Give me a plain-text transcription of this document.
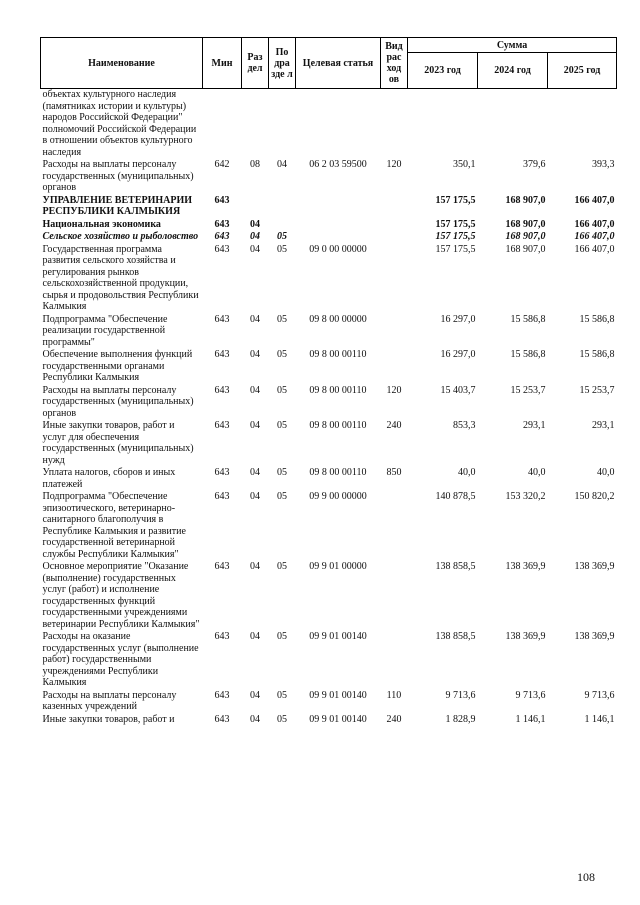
Наименование	Мин	Раз дел	По дра зде л	Целевая статья	Вид рас ход ов	Сумма		
						2023 год	2024 год	2025 год
объектах культурного наследия (памятниках истории и культуры) народов Российской Федерации" полномочий Российской Федерации в отношении объектов культурного наследия								
Расходы на выплаты персоналу государственных (муниципальных) органов	642	08	04	06 2 03 59500	120	350,1	379,6	393,3
УПРАВЛЕНИЕ ВЕТЕРИНАРИИ РЕСПУБЛИКИ КАЛМЫКИЯ	643					157 175,5	168 907,0	166 407,0
Национальная экономика	643	04				157 175,5	168 907,0	166 407,0
Сельское хозяйство и рыболовство	643	04	05			157 175,5	168 907,0	166 407,0
Государственная программа развития сельского хозяйства и регулирования рынков сельскохозяйственной продукции, сырья и продовольствия Республики Калмыкия	643	04	05	09 0 00 00000		157 175,5	168 907,0	166 407,0
Подпрограмма "Обеспечение реализации государственной программы"	643	04	05	09 8 00 00000		16 297,0	15 586,8	15 586,8
Обеспечение выполнения функций государственными органами Республики Калмыкия	643	04	05	09 8 00 00110		16 297,0	15 586,8	15 586,8
Расходы на выплаты персоналу государственных (муниципальных) органов	643	04	05	09 8 00 00110	120	15 403,7	15 253,7	15 253,7
Иные закупки товаров, работ и услуг для обеспечения государственных (муниципальных) нужд	643	04	05	09 8 00 00110	240	853,3	293,1	293,1
Уплата налогов, сборов и иных платежей	643	04	05	09 8 00 00110	850	40,0	40,0	40,0
Подпрограмма "Обеспечение эпизоотического, ветеринарно-санитарного благополучия в Республике Калмыкия и развитие государственной ветеринарной службы Республики Калмыкия"	643	04	05	09 9 00 00000		140 878,5	153 320,2	150 820,2
Основное мероприятие "Оказание (выполнение) государственных услуг (работ) и исполнение государственных функций государственными учреждениями ветеринарии Республики Калмыкия"	643	04	05	09 9 01 00000		138 858,5	138 369,9	138 369,9
Расходы на оказание государственных услуг (выполнение работ) государственными учреждениями Республики Калмыкия	643	04	05	09 9 01 00140		138 858,5	138 369,9	138 369,9
Расходы на выплаты персоналу казенных учреждений	643	04	05	09 9 01 00140	110	9 713,6	9 713,6	9 713,6
Иные закупки товаров, работ и	643	04	05	09 9 01 00140	240	1 828,9	1 146,1	1 146,1
108
